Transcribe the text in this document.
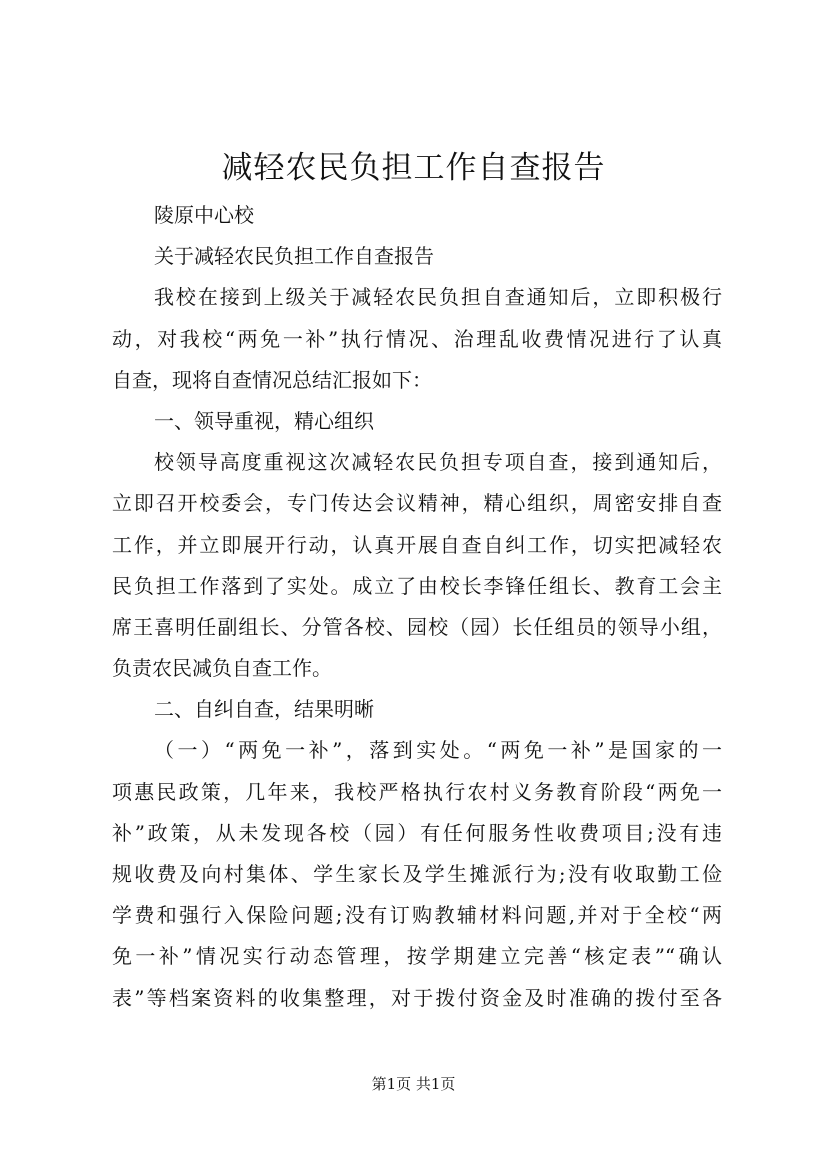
减轻农民负担工作自查报告
陵原中心校
关于减轻农民负担工作自查报告
我校在接到上级关于减轻农民负担自查通知后，立即积极行
动，对我校“两免一补”执行情况、治理乱收费情况进行了认真
自查，现将自查情况总结汇报如下：
一、领导重视，精心组织
校领导高度重视这次减轻农民负担专项自查，接到通知后，
立即召开校委会，专门传达会议精神，精心组织，周密安排自查
工作，并立即展开行动，认真开展自查自纠工作，切实把减轻农
民负担工作落到了实处。成立了由校长李锋任组长、教育工会主
席王喜明任副组长、分管各校、园校（园）长任组员的领导小组，
负责农民减负自查工作。
二、自纠自查，结果明晰
（一）“两免一补”，落到实处。“两免一补”是国家的一
项惠民政策，几年来，我校严格执行农村义务教育阶段“两免一
补”政策，从未发现各校（园）有任何服务性收费项目;没有违
规收费及向村集体、学生家长及学生摊派行为;没有收取勤工俭
学费和强行入保险问题;没有订购教辅材料问题,并对于全校“两
免一补”情况实行动态管理，按学期建立完善“核定表”“确认
表”等档案资料的收集整理，对于拨付资金及时准确的拨付至各
第1页 共1页
